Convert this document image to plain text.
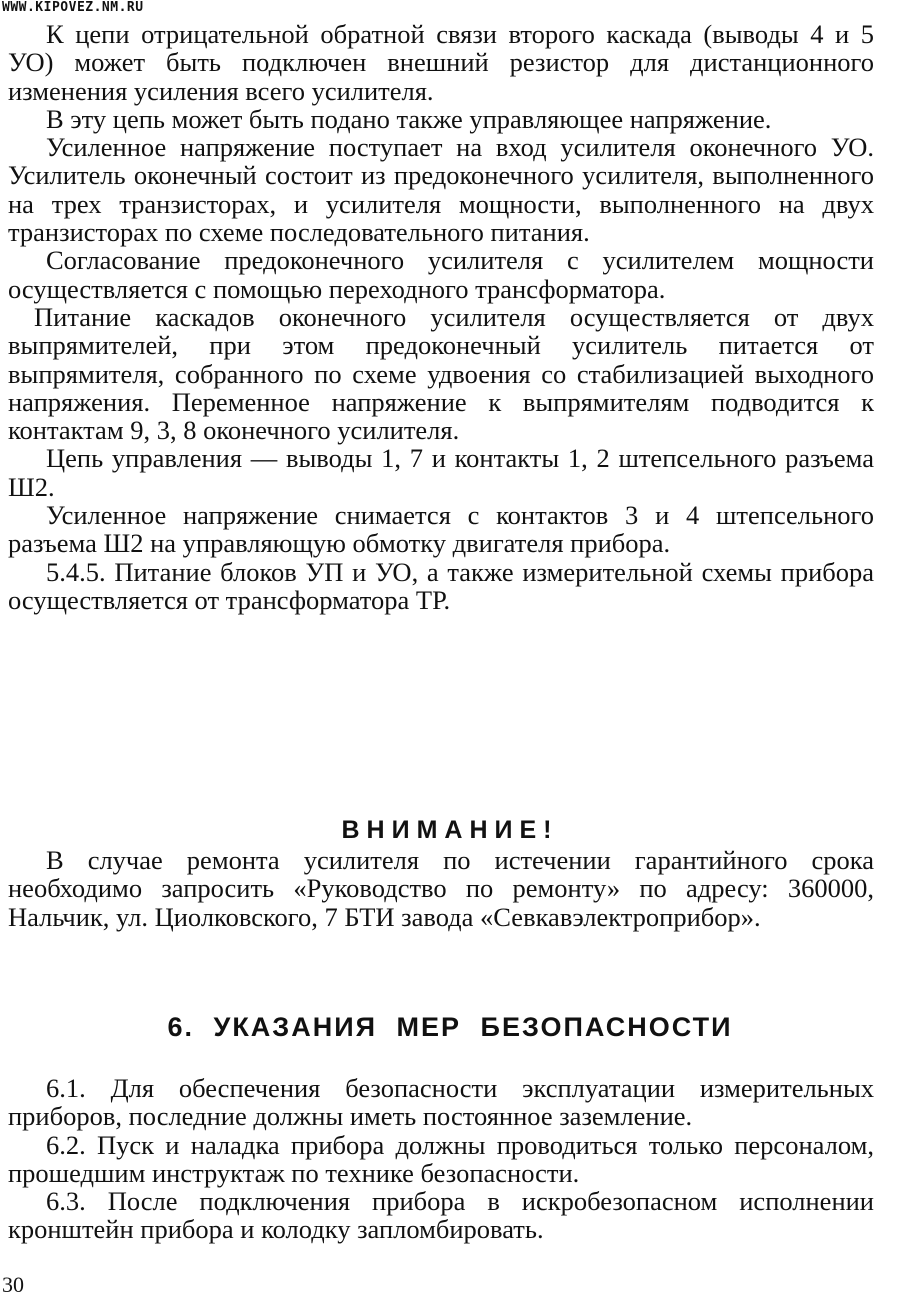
WWW.KIPOVEZ.NM.RU

К цепи отрицательной обратной связи второго каскада (выводы 4 и 5 УО) может быть подключен внешний резистор для дистанционного изменения усиления всего усилителя.

В эту цепь может быть подано также управляющее напряжение.

Усиленное напряжение поступает на вход усилителя оконечного УО. Усилитель оконечный состоит из предоконечного усилителя, выполненного на трех транзисторах, и усилителя мощности, выполненного на двух транзисторах по схеме последовательного питания.

Согласование предоконечного усилителя с усилителем мощности осуществляется с помощью переходного трансформатора.

Питание каскадов оконечного усилителя осуществляется от двух выпрямителей, при этом предоконечный усилитель питается от выпрямителя, собранного по схеме удвоения со стабилизацией выходного напряжения. Переменное напряжение к выпрямителям подводится к контактам 9, 3, 8 оконечного усилителя.

Цепь управления — выводы 1, 7 и контакты 1, 2 штепсельного разъема Ш2.

Усиленное напряжение снимается с контактов 3 и 4 штепсельного разъема Ш2 на управляющую обмотку двигателя прибора.

5.4.5. Питание блоков УП и УО, а также измерительной схемы прибора осуществляется от трансформатора ТР.

ВНИМАНИЕ!

В случае ремонта усилителя по истечении гарантийного срока необходимо запросить «Руководство по ремонту» по адресу: 360000, Нальчик, ул. Циолковского, 7 БТИ завода «Севкавэлектроприбор».

6. УКАЗАНИЯ МЕР БЕЗОПАСНОСТИ

6.1. Для обеспечения безопасности эксплуатации измерительных приборов, последние должны иметь постоянное заземление.

6.2. Пуск и наладка прибора должны проводиться только персоналом, прошедшим инструктаж по технике безопасности.

6.3. После подключения прибора в искробезопасном исполнении кронштейн прибора и колодку запломбировать.

30
